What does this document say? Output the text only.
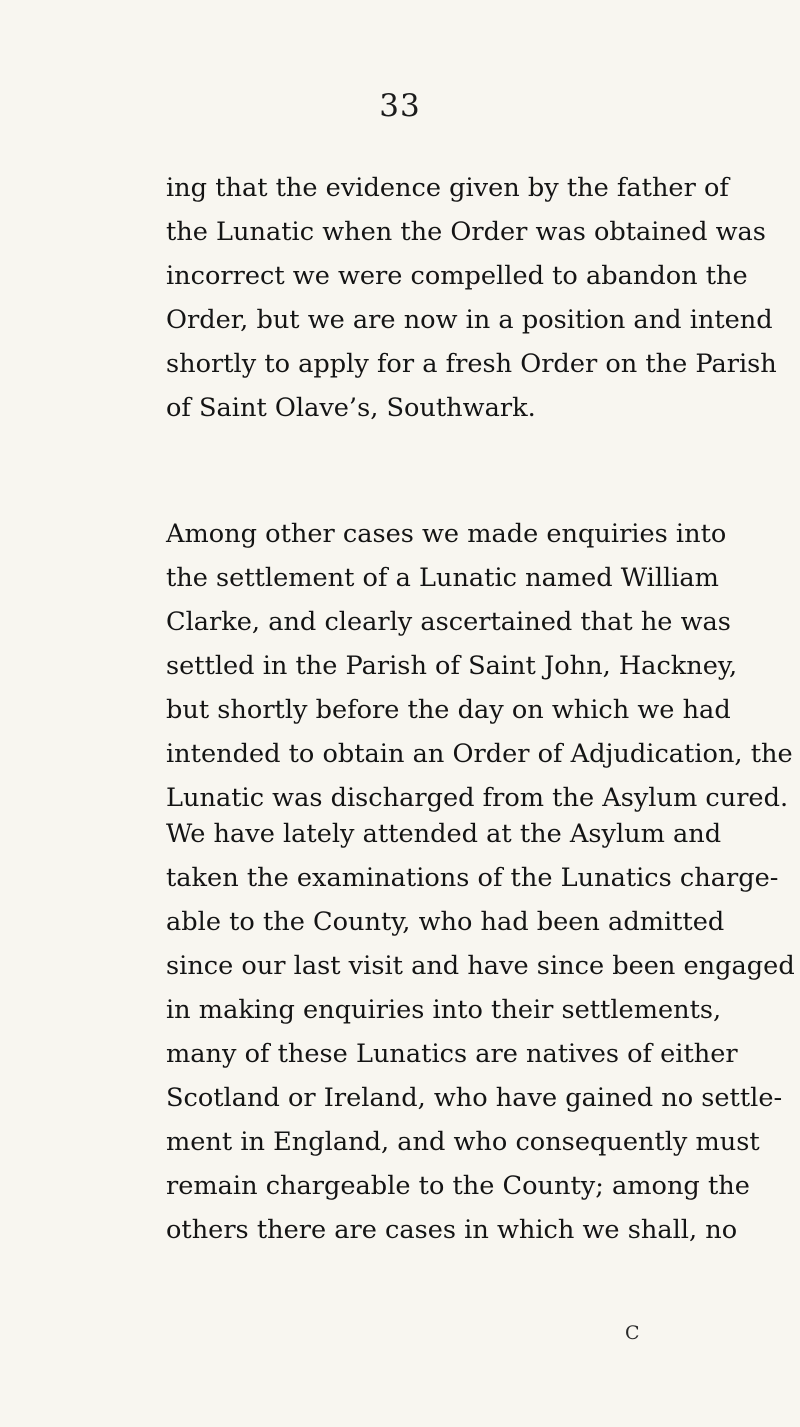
33
ing that the evidence given by the father of
the Lunatic when the Order was obtained was
incorrect we were compelled to abandon the
Order, but we are now in a position and intend
shortly to apply for a fresh Order on the Parish
of Saint Olave’s, Southwark.
Among other cases we made enquiries into
the settlement of a Lunatic named William
Clarke, and clearly ascertained that he was
settled in the Parish of Saint John, Hackney,
but shortly before the day on which we had
intended to obtain an Order of Adjudication, the
Lunatic was discharged from the Asylum cured.
We have lately attended at the Asylum and
taken the examinations of the Lunatics charge-
able to the County, who had been admitted
since our last visit and have since been engaged
in making enquiries into their settlements,
many of these Lunatics are natives of either
Scotland or Ireland, who have gained no settle-
ment in England, and who consequently must
remain chargeable to the County; among the
others there are cases in which we shall, no
C
